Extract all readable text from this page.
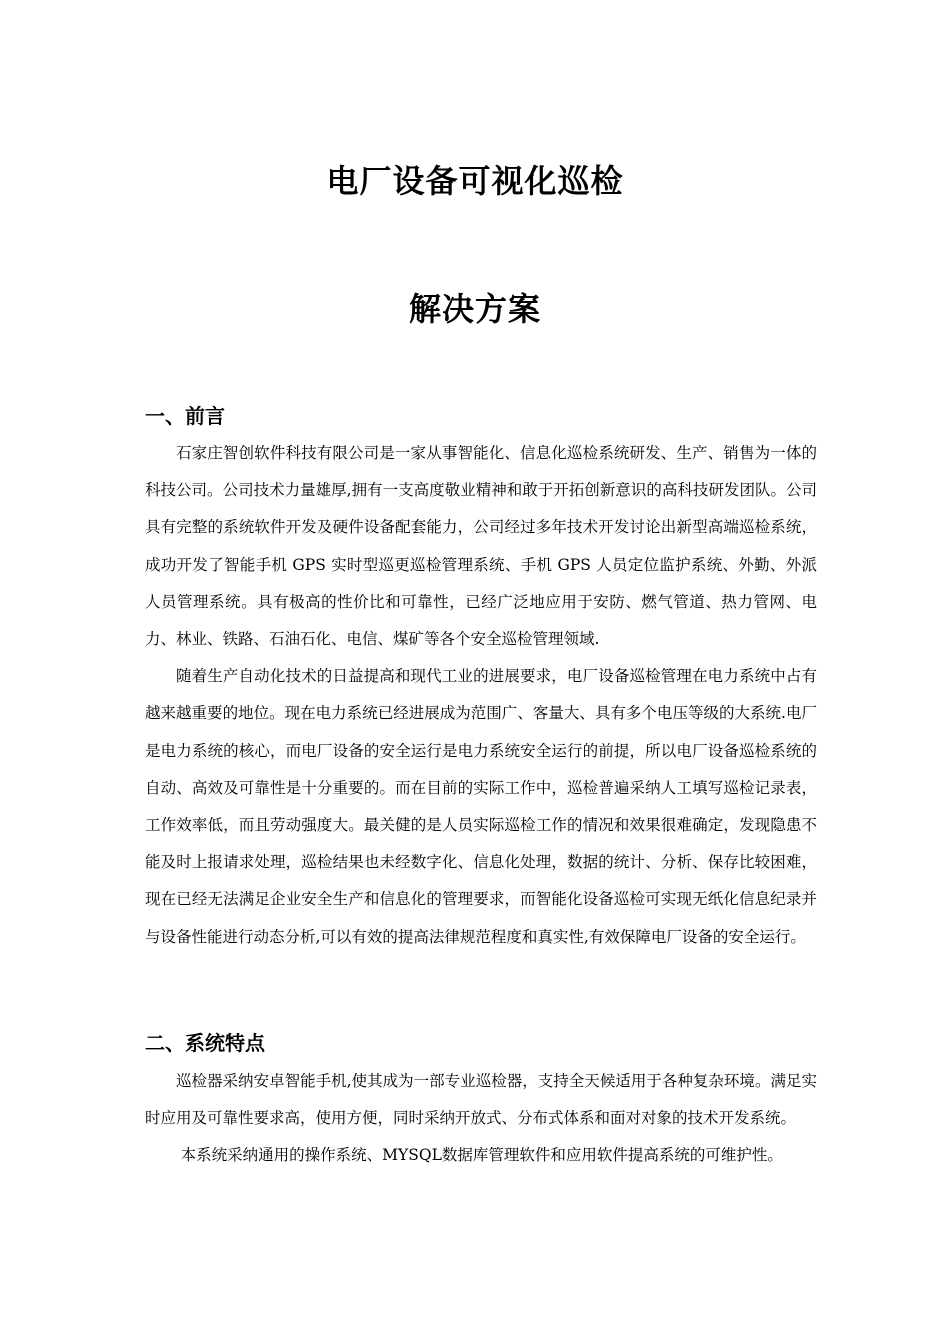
电厂设备可视化巡检
解决方案
一、前言

石家庄智创软件科技有限公司是一家从事智能化、信息化巡检系统研发、生产、销售为一体的科技公司。公司技术力量雄厚,拥有一支高度敬业精神和敢于开拓创新意识的高科技研发团队。公司具有完整的系统软件开发及硬件设备配套能力，公司经过多年技术开发讨论出新型高端巡检系统，成功开发了智能手机 GPS 实时型巡更巡检管理系统、手机 GPS 人员定位监护系统、外勤、外派人员管理系统。具有极高的性价比和可靠性，已经广泛地应用于安防、燃气管道、热力管网、电力、林业、铁路、石油石化、电信、煤矿等各个安全巡检管理领域.

随着生产自动化技术的日益提高和现代工业的进展要求，电厂设备巡检管理在电力系统中占有越来越重要的地位。现在电力系统已经进展成为范围广、客量大、具有多个电压等级的大系统.电厂是电力系统的核心，而电厂设备的安全运行是电力系统安全运行的前提，所以电厂设备巡检系统的自动、高效及可靠性是十分重要的。而在目前的实际工作中，巡检普遍采纳人工填写巡检记录表，工作效率低，而且劳动强度大。最关健的是人员实际巡检工作的情况和效果很难确定，发现隐患不能及时上报请求处理，巡检结果也未经数字化、信息化处理，数据的统计、分析、保存比较困难，现在已经无法满足企业安全生产和信息化的管理要求，而智能化设备巡检可实现无纸化信息纪录并与设备性能进行动态分析,可以有效的提高法律规范程度和真实性,有效保障电厂设备的安全运行。

二、系统特点

巡检器采纳安卓智能手机,使其成为一部专业巡检器，支持全天候适用于各种复杂环境。满足实时应用及可靠性要求高，使用方便，同时采纳开放式、分布式体系和面对对象的技术开发系统。

本系统采纳通用的操作系统、MYSQL数据库管理软件和应用软件提高系统的可维护性。
